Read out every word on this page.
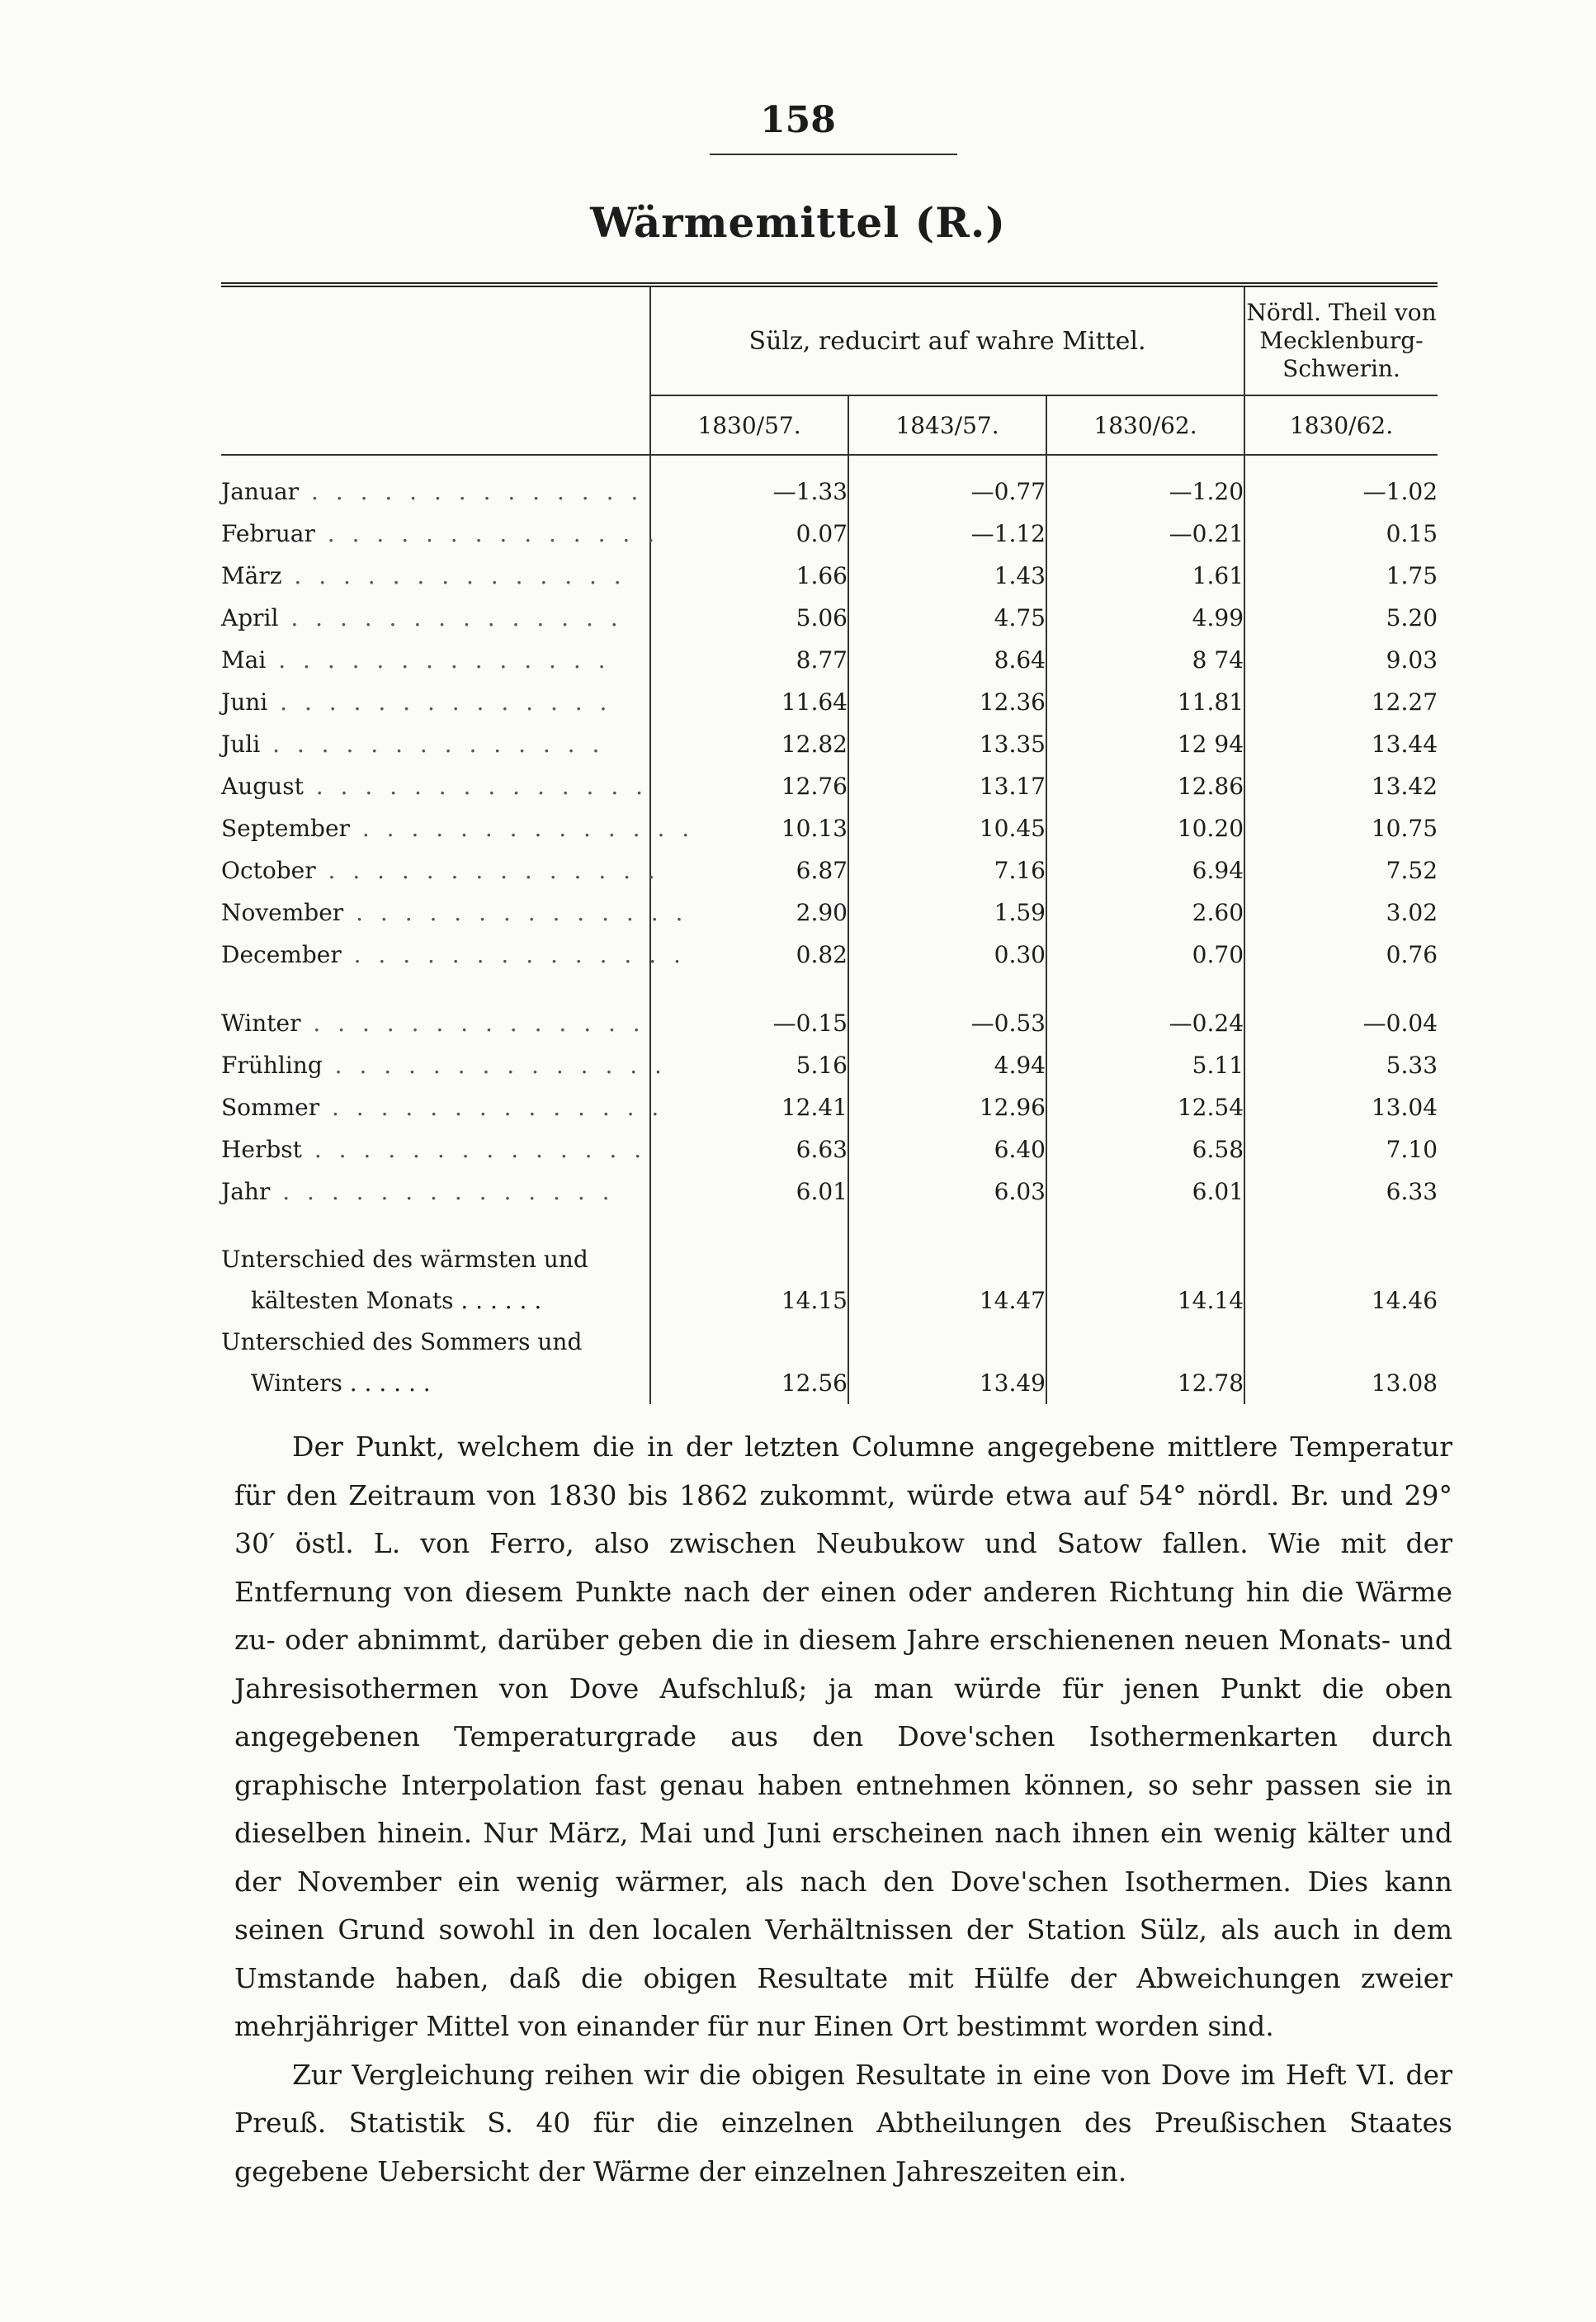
158
Wärmemittel (R.)
	Sülz, reducirt auf wahre Mittel.			Nördl. Theil von
Mecklenburg-
Schwerin.

	1830/57.	1843/57.	1830/62.	1830/62.
Januar . . . . . . . . . . . . . .	—1.33	—0.77	—1.20	—1.02
Februar . . . . . . . . . . . . . .	0.07	—1.12	—0.21	0.15
März . . . . . . . . . . . . . .	1.66	1.43	1.61	1.75
April . . . . . . . . . . . . . .	5.06	4.75	4.99	5.20
Mai . . . . . . . . . . . . . .	8.77	8.64	8 74	9.03
Juni . . . . . . . . . . . . . .	11.64	12.36	11.81	12.27
Juli . . . . . . . . . . . . . .	12.82	13.35	12 94	13.44
August . . . . . . . . . . . . . .	12.76	13.17	12.86	13.42
September . . . . . . . . . . . . . .	10.13	10.45	10.20	10.75
October . . . . . . . . . . . . . .	6.87	7.16	6.94	7.52
November . . . . . . . . . . . . . .	2.90	1.59	2.60	3.02
December . . . . . . . . . . . . . .	0.82	0.30	0.70	0.76

Winter . . . . . . . . . . . . . .	—0.15	—0.53	—0.24	—0.04
Frühling . . . . . . . . . . . . . .	5.16	4.94	5.11	5.33
Sommer . . . . . . . . . . . . . .	12.41	12.96	12.54	13.04
Herbst . . . . . . . . . . . . . .	6.63	6.40	6.58	7.10
Jahr . . . . . . . . . . . . . .	6.01	6.03	6.01	6.33

Unterschied des wärmsten und
kältesten Monats . . . . . .	14.15	14.47	14.14	14.46

Unterschied des Sommers und
Winters . . . . . .	12.56	13.49	12.78	13.08

Der Punkt, welchem die in der letzten Columne angegebene mittlere Temperatur für den Zeitraum von 1830 bis 1862 zukommt, würde etwa auf 54° nördl. Br. und 29° 30′ östl. L. von Ferro, also zwischen Neubukow und Satow fallen. Wie mit der Entfernung von diesem Punkte nach der einen oder anderen Richtung hin die Wärme zu- oder abnimmt, darüber geben die in diesem Jahre erschienenen neuen Monats- und Jahresisothermen von Dove Aufschluß; ja man würde für jenen Punkt die oben angegebenen Temperaturgrade aus den Dove'schen Isothermenkarten durch graphische Interpolation fast genau haben entnehmen können, so sehr passen sie in dieselben hinein. Nur März, Mai und Juni erscheinen nach ihnen ein wenig kälter und der November ein wenig wärmer, als nach den Dove'schen Isothermen. Dies kann seinen Grund sowohl in den localen Verhältnissen der Station Sülz, als auch in dem Umstande haben, daß die obigen Resultate mit Hülfe der Abweichungen zweier mehrjähriger Mittel von einander für nur Einen Ort bestimmt worden sind.

Zur Vergleichung reihen wir die obigen Resultate in eine von Dove im Heft VI. der Preuß. Statistik S. 40 für die einzelnen Abtheilungen des Preußischen Staates gegebene Uebersicht der Wärme der einzelnen Jahreszeiten ein.
